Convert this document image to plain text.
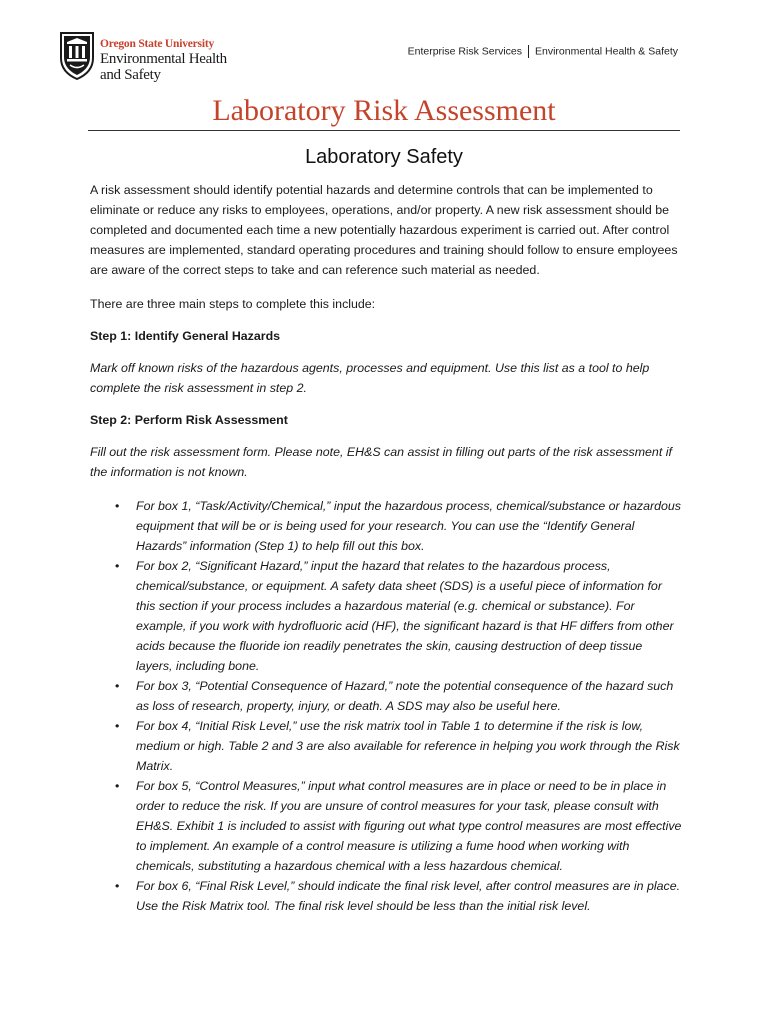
Oregon State University
Environmental Health
and Safety
Enterprise Risk Services Environmental Health & Safety
Laboratory Risk Assessment
Laboratory Safety

A risk assessment should identify potential hazards and determine controls that can be implemented to eliminate or reduce any risks to employees, operations, and/or property. A new risk assessment should be completed and documented each time a new potentially hazardous experiment is carried out. After control measures are implemented, standard operating procedures and training should follow to ensure employees are aware of the correct steps to take and can reference such material as needed.

There are three main steps to complete this include:

Step 1: Identify General Hazards

Mark off known risks of the hazardous agents, processes and equipment. Use this list as a tool to help complete the risk assessment in step 2.

Step 2: Perform Risk Assessment

Fill out the risk assessment form. Please note, EH&S can assist in filling out parts of the risk assessment if the information is not known.

• For box 1, “Task/Activity/Chemical,” input the hazardous process, chemical/substance or hazardous equipment that will be or is being used for your research. You can use the “Identify General Hazards” information (Step 1) to help fill out this box.
• For box 2, “Significant Hazard,” input the hazard that relates to the hazardous process, chemical/substance, or equipment. A safety data sheet (SDS) is a useful piece of information for this section if your process includes a hazardous material (e.g. chemical or substance). For example, if you work with hydrofluoric acid (HF), the significant hazard is that HF differs from other acids because the fluoride ion readily penetrates the skin, causing destruction of deep tissue layers, including bone.
• For box 3, “Potential Consequence of Hazard,” note the potential consequence of the hazard such as loss of research, property, injury, or death. A SDS may also be useful here.
• For box 4, “Initial Risk Level,” use the risk matrix tool in Table 1 to determine if the risk is low, medium or high. Table 2 and 3 are also available for reference in helping you work through the Risk Matrix.
• For box 5, “Control Measures,” input what control measures are in place or need to be in place in order to reduce the risk. If you are unsure of control measures for your task, please consult with EH&S. Exhibit 1 is included to assist with figuring out what type control measures are most effective to implement. An example of a control measure is utilizing a fume hood when working with chemicals, substituting a hazardous chemical with a less hazardous chemical.
• For box 6, “Final Risk Level,” should indicate the final risk level, after control measures are in place. Use the Risk Matrix tool. The final risk level should be less than the initial risk level.
